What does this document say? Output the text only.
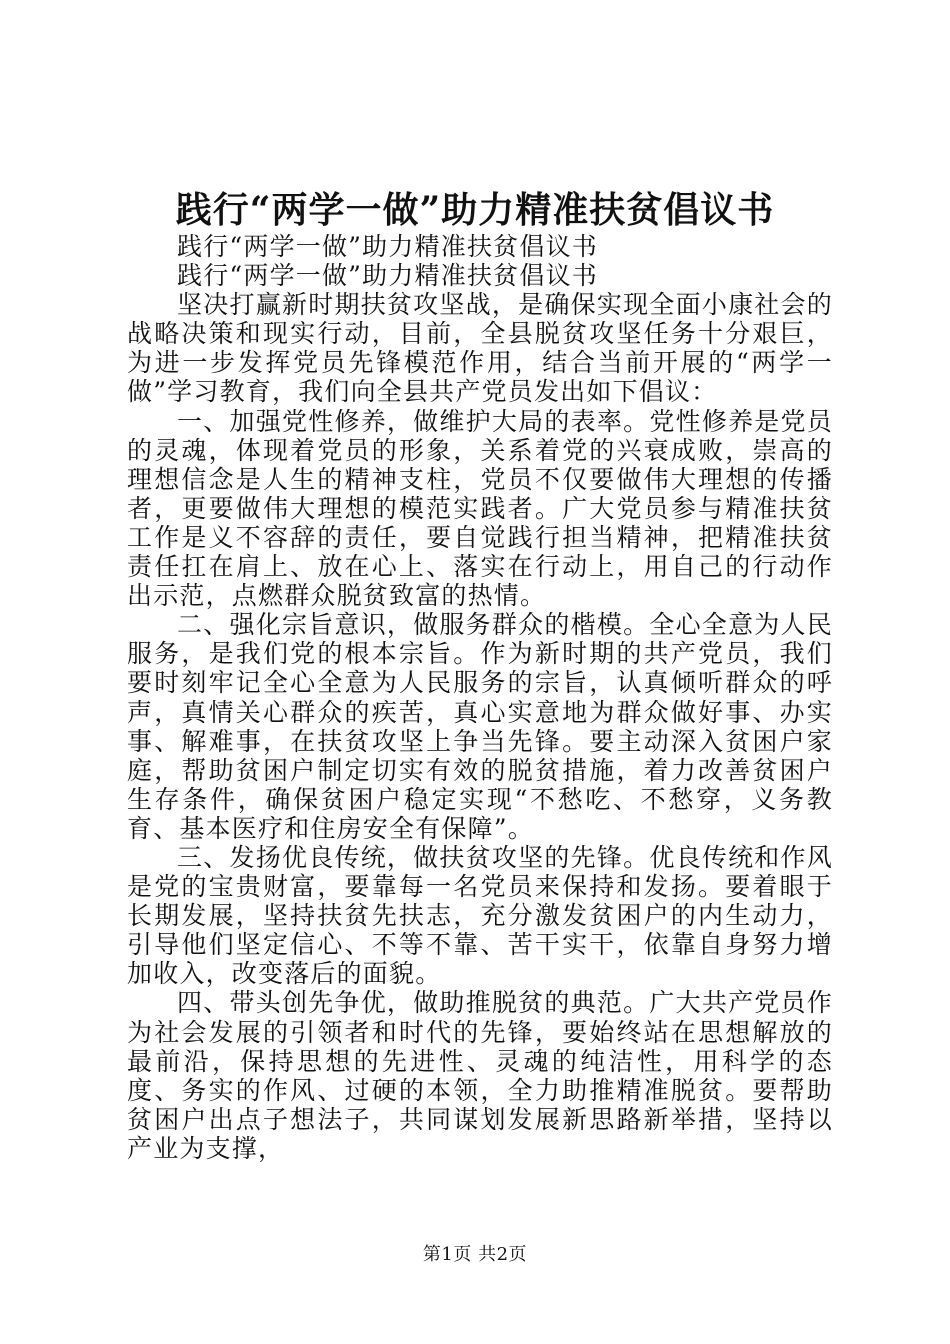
践行“两学一做”助力精准扶贫倡议书

践行“两学一做”助力精准扶贫倡议书

践行“两学一做”助力精准扶贫倡议书

坚决打赢新时期扶贫攻坚战，是确保实现全面小康社会的战略决策和现实行动，目前，全县脱贫攻坚任务十分艰巨，为进一步发挥党员先锋模范作用，结合当前开展的“两学一做”学习教育，我们向全县共产党员发出如下倡议：

一、加强党性修养，做维护大局的表率。党性修养是党员的灵魂，体现着党员的形象，关系着党的兴衰成败，崇高的理想信念是人生的精神支柱，党员不仅要做伟大理想的传播者，更要做伟大理想的模范实践者。广大党员参与精准扶贫工作是义不容辞的责任，要自觉践行担当精神，把精准扶贫责任扛在肩上、放在心上、落实在行动上，用自己的行动作出示范，点燃群众脱贫致富的热情。

二、强化宗旨意识，做服务群众的楷模。全心全意为人民服务，是我们党的根本宗旨。作为新时期的共产党员，我们要时刻牢记全心全意为人民服务的宗旨，认真倾听群众的呼声，真情关心群众的疾苦，真心实意地为群众做好事、办实事、解难事，在扶贫攻坚上争当先锋。要主动深入贫困户家庭，帮助贫困户制定切实有效的脱贫措施，着力改善贫困户生存条件，确保贫困户稳定实现“不愁吃、不愁穿，义务教育、基本医疗和住房安全有保障”。

三、发扬优良传统，做扶贫攻坚的先锋。优良传统和作风是党的宝贵财富，要靠每一名党员来保持和发扬。要着眼于长期发展，坚持扶贫先扶志，充分激发贫困户的内生动力，引导他们坚定信心、不等不靠、苦干实干，依靠自身努力增加收入，改变落后的面貌。

四、带头创先争优，做助推脱贫的典范。广大共产党员作为社会发展的引领者和时代的先锋，要始终站在思想解放的最前沿，保持思想的先进性、灵魂的纯洁性，用科学的态度、务实的作风、过硬的本领，全力助推精准脱贫。要帮助贫困户出点子想法子，共同谋划发展新思路新举措，坚持以产业为支撑，

第1页 共2页
